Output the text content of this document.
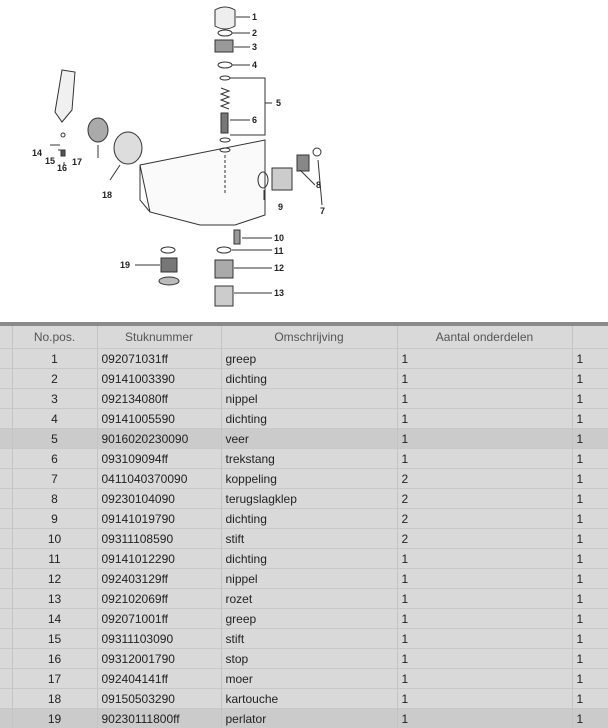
1
2
3
4
5
6
7
8
9
10
11
12
13
14
15
16
17
18
19
	No.pos.	Stuknummer	Omschrijving	Aantal onderdelen	
	1	092071031ff	greep	1	1
	2	09141003390	dichting	1	1
	3	092134080ff	nippel	1	1
	4	09141005590	dichting	1	1
	5	9016020230090	veer	1	1
	6	093109094ff	trekstang	1	1
	7	0411040370090	koppeling	2	1
	8	09230104090	terugslagklep	2	1
	9	09141019790	dichting	2	1
	10	09311108590	stift	2	1
	11	09141012290	dichting	1	1
	12	092403129ff	nippel	1	1
	13	092102069ff	rozet	1	1
	14	092071001ff	greep	1	1
	15	09311103090	stift	1	1
	16	09312001790	stop	1	1
	17	092404141ff	moer	1	1
	18	09150503290	kartouche	1	1
	19	90230111800ff	perlator	1	1
